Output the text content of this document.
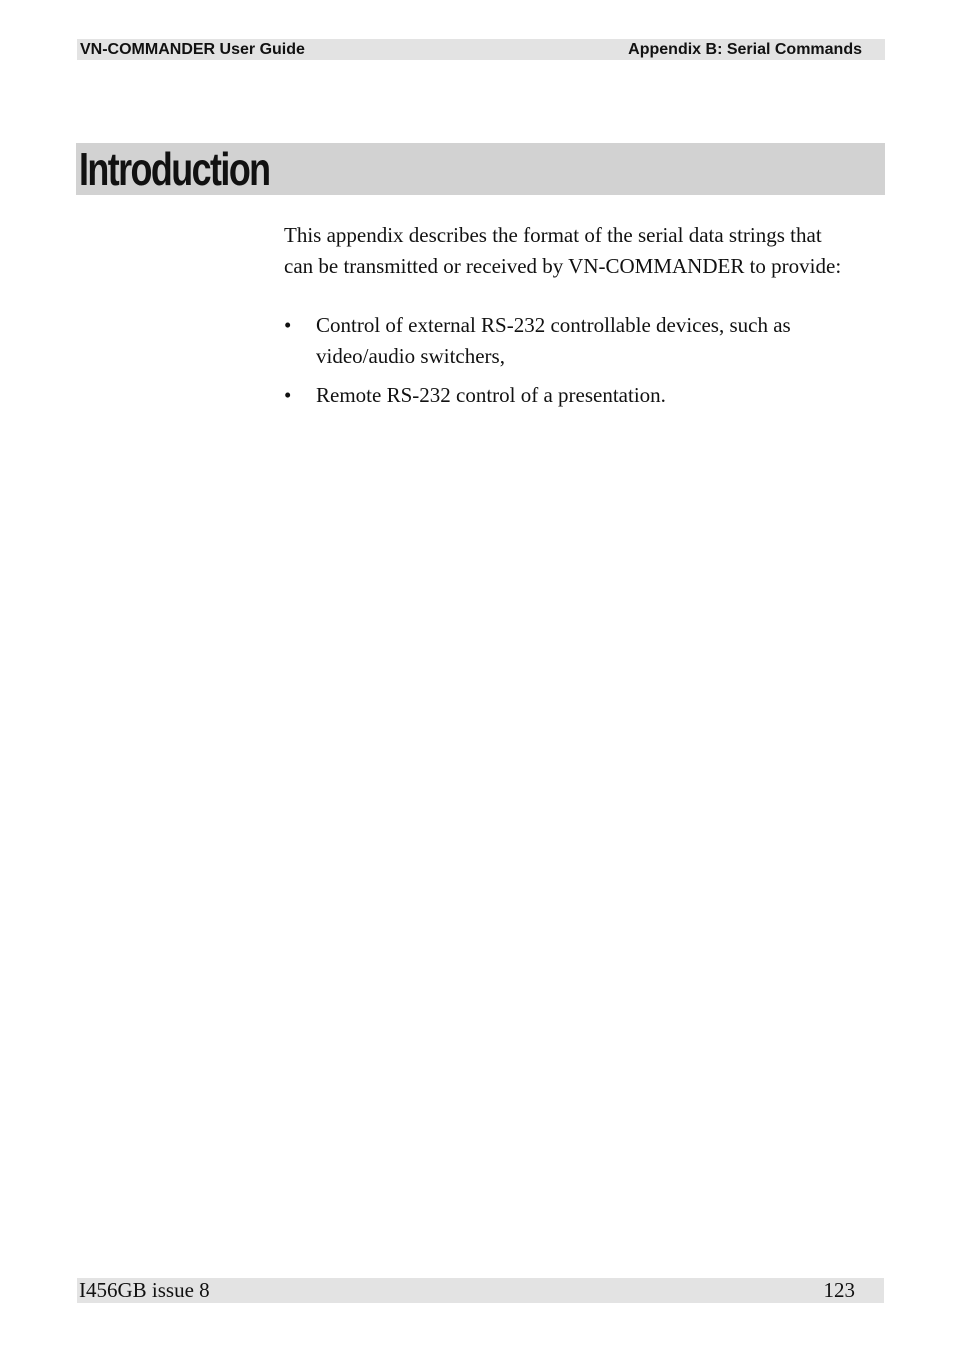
VN-COMMANDER User Guide	Appendix B: Serial Commands
Introduction

This appendix describes the format of the serial data strings that can be transmitted or received by VN-COMMANDER to provide:

• Control of external RS-232 controllable devices, such as video/audio switchers,
• Remote RS-232 control of a presentation.
I456GB issue 8	123
